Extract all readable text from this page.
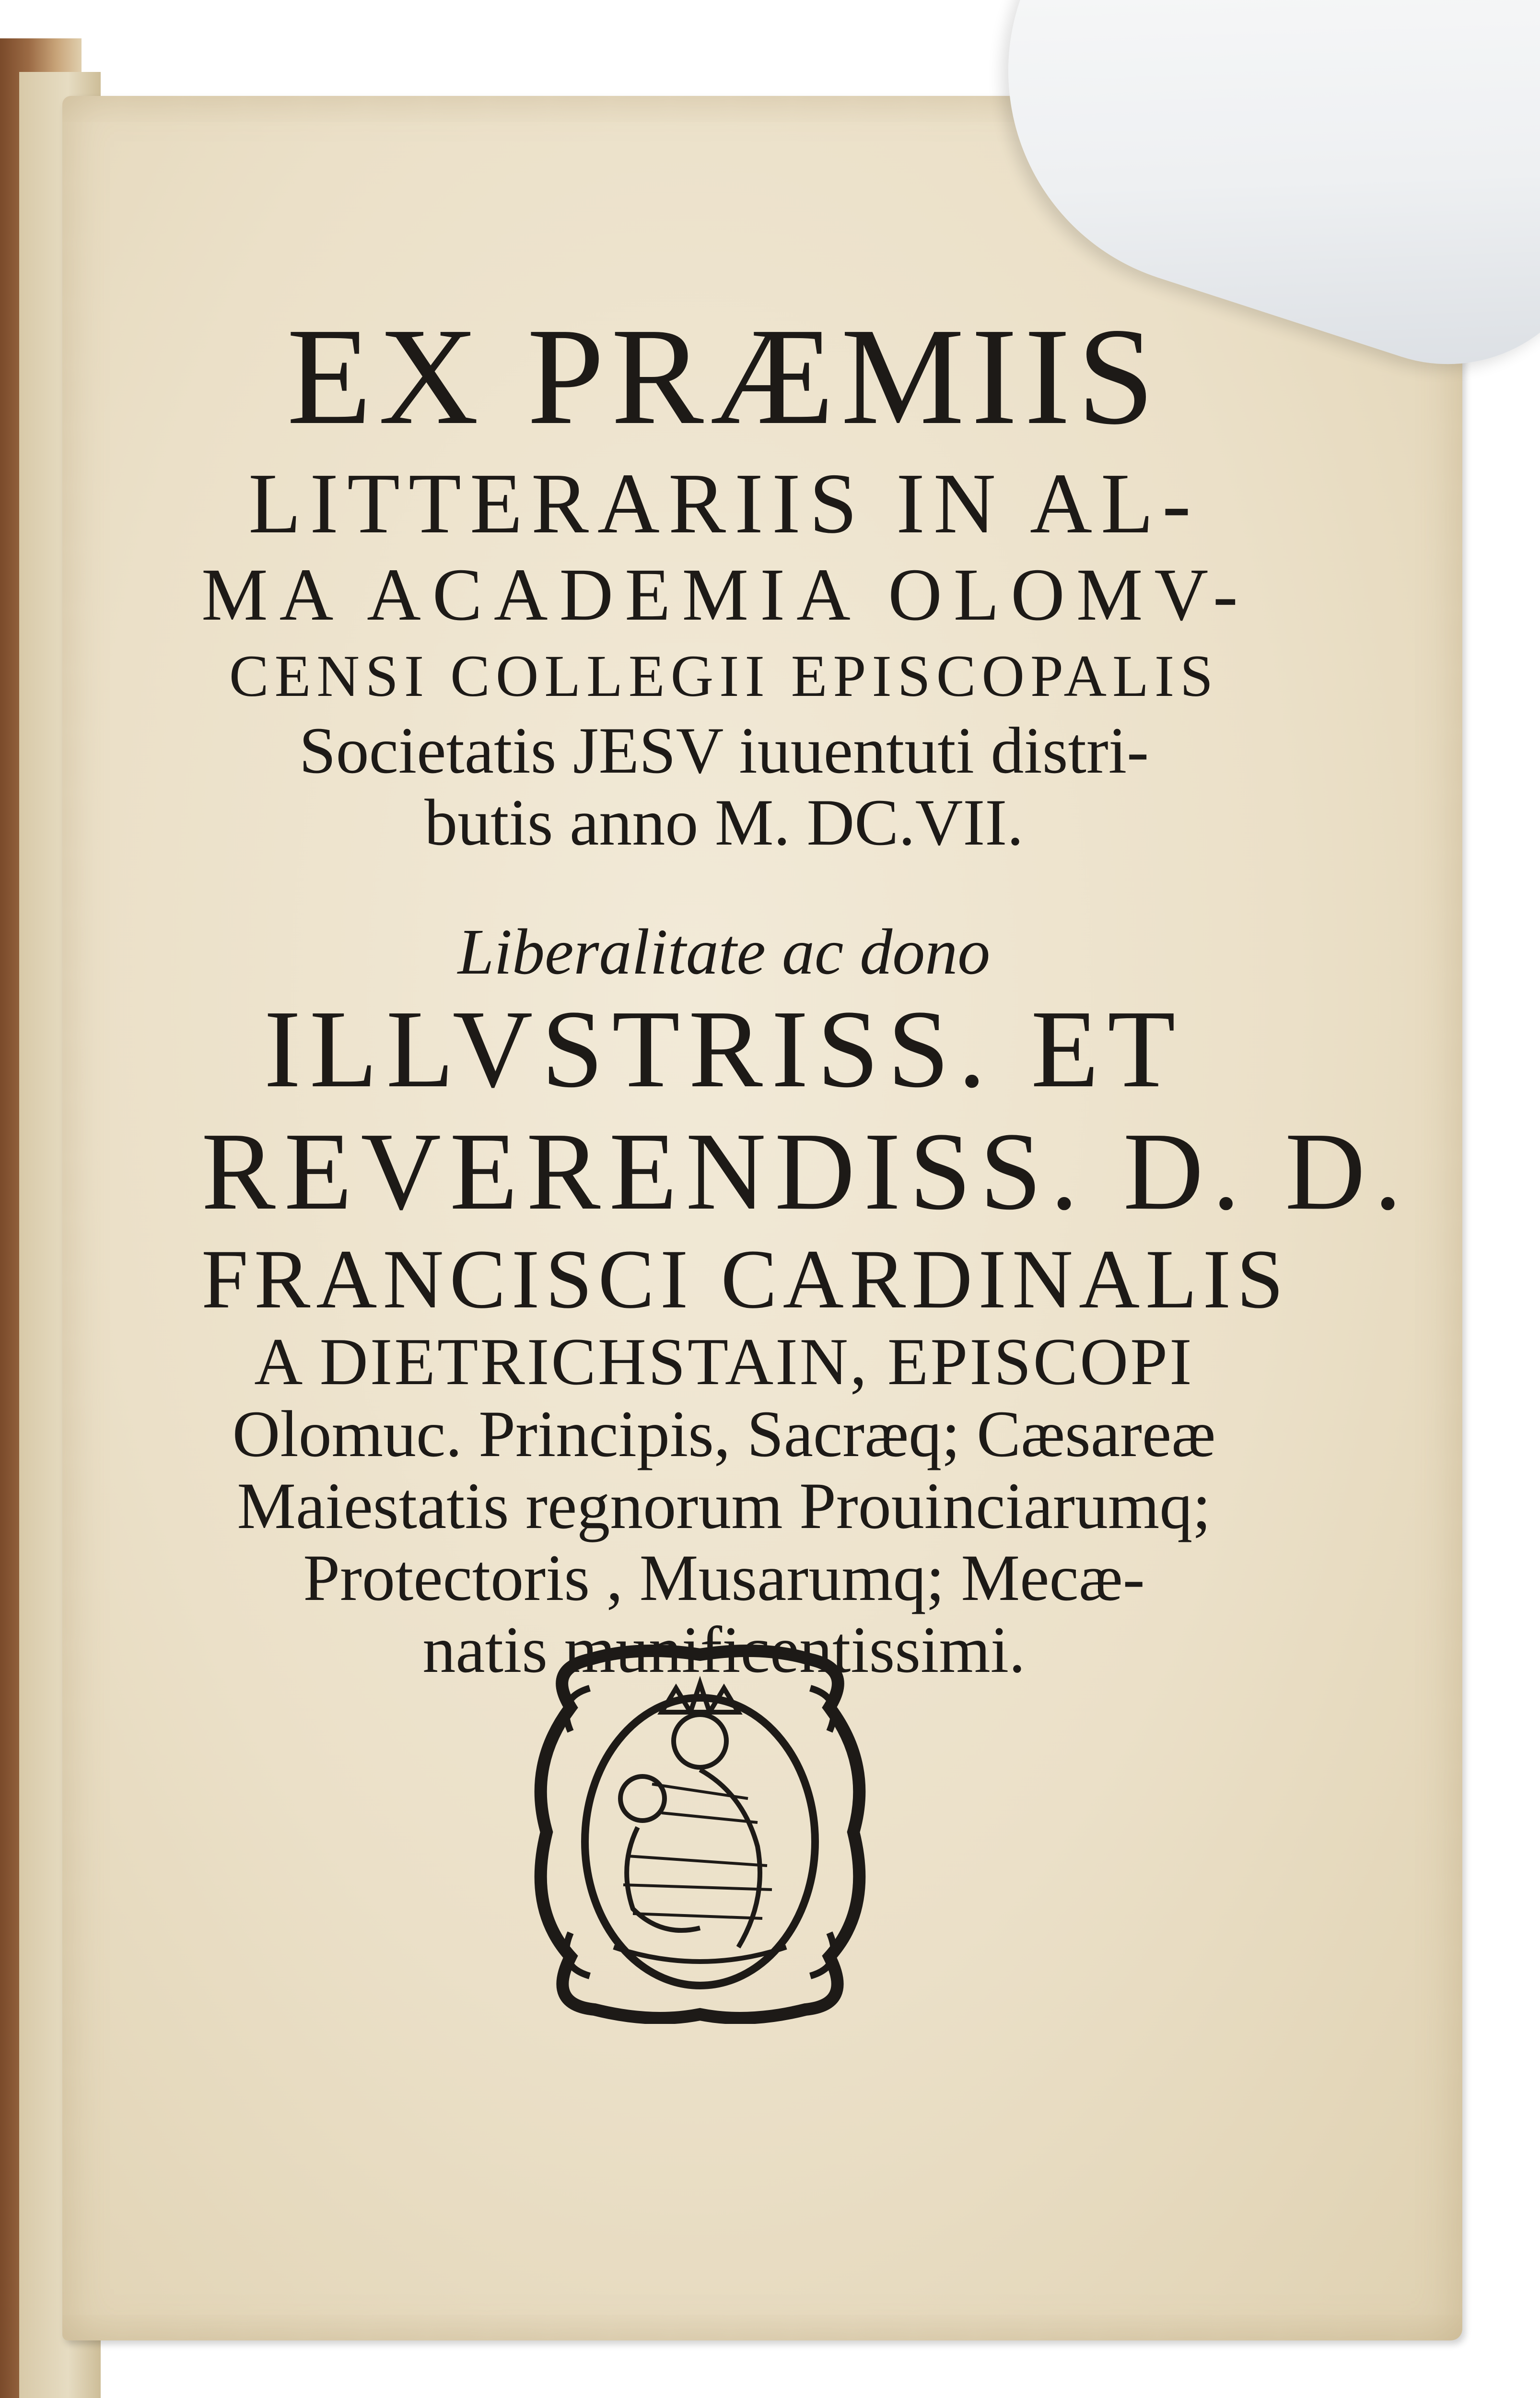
EX PRÆMIIS

LITTERARIIS IN AL-

MA ACADEMIA OLOMV-

CENSI COLLEGII EPISCOPALIS

Societatis JESV iuuentuti distri-

butis anno M. DC.VII.

Liberalitate ac dono

ILLVSTRISS. ET

REVERENDISS. D. D.

FRANCISCI CARDINALIS

A DIETRICHSTAIN, EPISCOPI

Olomuc. Principis, Sacræq; Cæsareæ

Maiestatis regnorum Prouinciarumq;

Protectoris , Musarumq; Mecæ-

natis munificentissimi.
